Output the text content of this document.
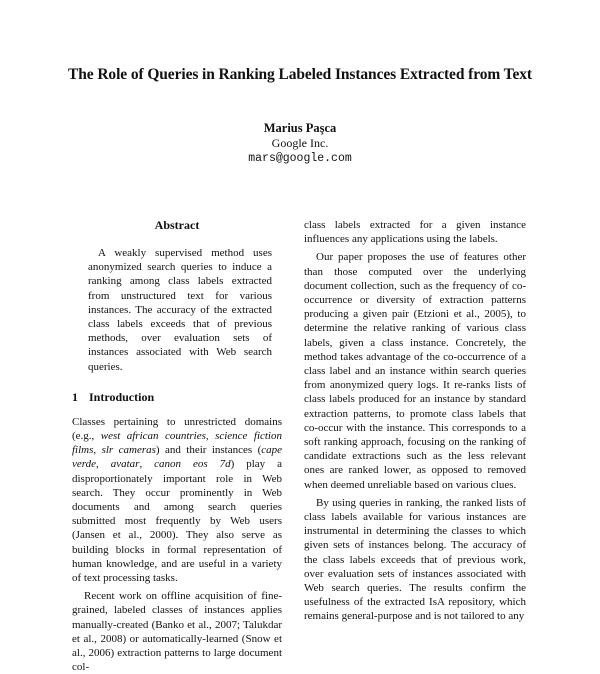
The Role of Queries in Ranking Labeled Instances Extracted from Text
Marius Paşca
Google Inc.
mars@google.com
Abstract

A weakly supervised method uses anonymized search queries to induce a ranking among class labels extracted from unstructured text for various instances. The accuracy of the extracted class labels exceeds that of previous methods, over evaluation sets of instances associated with Web search queries.

1 Introduction

Classes pertaining to unrestricted domains (e.g., west african countries, science fiction films, slr cameras) and their instances (cape verde, avatar, canon eos 7d) play a disproportionately important role in Web search. They occur prominently in Web documents and among search queries submitted most frequently by Web users (Jansen et al., 2000). They also serve as building blocks in formal representation of human knowledge, and are useful in a variety of text processing tasks.

Recent work on offline acquisition of fine-grained, labeled classes of instances applies manually-created (Banko et al., 2007; Talukdar et al., 2008) or automatically-learned (Snow et al., 2006) extraction patterns to large document col-

class labels extracted for a given instance influences any applications using the labels.

Our paper proposes the use of features other than those computed over the underlying document collection, such as the frequency of co-occurrence or diversity of extraction patterns producing a given pair (Etzioni et al., 2005), to determine the relative ranking of various class labels, given a class instance. Concretely, the method takes advantage of the co-occurrence of a class label and an instance within search queries from anonymized query logs. It re-ranks lists of class labels produced for an instance by standard extraction patterns, to promote class labels that co-occur with the instance. This corresponds to a soft ranking approach, focusing on the ranking of candidate extractions such as the less relevant ones are ranked lower, as opposed to removed when deemed unreliable based on various clues.

By using queries in ranking, the ranked lists of class labels available for various instances are instrumental in determining the classes to which given sets of instances belong. The accuracy of the class labels exceeds that of previous work, over evaluation sets of instances associated with Web search queries. The results confirm the usefulness of the extracted IsA repository, which remains general-purpose and is not tailored to any
